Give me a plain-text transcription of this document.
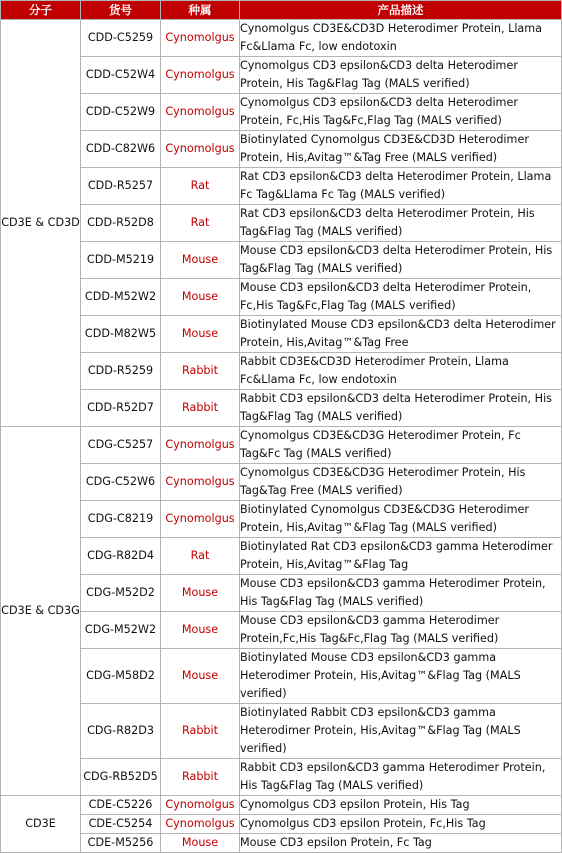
分子	货号	种属	产品描述
CD3E & CD3D	CDD-C5259	Cynomolgus	Cynomolgus CD3E&CD3D Heterodimer Protein, Llama Fc&Llama Fc, low endotoxin
	CDD-C52W4	Cynomolgus	Cynomolgus CD3 epsilon&CD3 delta Heterodimer Protein, His Tag&Flag Tag (MALS verified)
	CDD-C52W9	Cynomolgus	Cynomolgus CD3 epsilon&CD3 delta Heterodimer Protein, Fc,His Tag&Fc,Flag Tag (MALS verified)
	CDD-C82W6	Cynomolgus	Biotinylated Cynomolgus CD3E&CD3D Heterodimer Protein, His,Avitag™&Tag Free (MALS verified)
	CDD-R5257	Rat	Rat CD3 epsilon&CD3 delta Heterodimer Protein, Llama Fc Tag&Llama Fc Tag (MALS verified)
	CDD-R52D8	Rat	Rat CD3 epsilon&CD3 delta Heterodimer Protein, His Tag&Flag Tag (MALS verified)
	CDD-M5219	Mouse	Mouse CD3 epsilon&CD3 delta Heterodimer Protein, His Tag&Flag Tag (MALS verified)
	CDD-M52W2	Mouse	Mouse CD3 epsilon&CD3 delta Heterodimer Protein, Fc,His Tag&Fc,Flag Tag (MALS verified)
	CDD-M82W5	Mouse	Biotinylated Mouse CD3 epsilon&CD3 delta Heterodimer Protein, His,Avitag™&Tag Free
	CDD-R5259	Rabbit	Rabbit CD3E&CD3D Heterodimer Protein, Llama Fc&Llama Fc, low endotoxin
	CDD-R52D7	Rabbit	Rabbit CD3 epsilon&CD3 delta Heterodimer Protein, His Tag&Flag Tag (MALS verified)
CD3E & CD3G	CDG-C5257	Cynomolgus	Cynomolgus CD3E&CD3G Heterodimer Protein, Fc Tag&Fc Tag (MALS verified)
	CDG-C52W6	Cynomolgus	Cynomolgus CD3E&CD3G Heterodimer Protein, His Tag&Tag Free (MALS verified)
	CDG-C8219	Cynomolgus	Biotinylated Cynomolgus CD3E&CD3G Heterodimer Protein, His,Avitag™&Flag Tag (MALS verified)
	CDG-R82D4	Rat	Biotinylated Rat CD3 epsilon&CD3 gamma Heterodimer Protein, His,Avitag™&Flag Tag
	CDG-M52D2	Mouse	Mouse CD3 epsilon&CD3 gamma Heterodimer Protein, His Tag&Flag Tag (MALS verified)
	CDG-M52W2	Mouse	Mouse CD3 epsilon&CD3 gamma Heterodimer Protein,Fc,His Tag&Fc,Flag Tag (MALS verified)
	CDG-M58D2	Mouse	Biotinylated Mouse CD3 epsilon&CD3 gamma Heterodimer Protein, His,Avitag™&Flag Tag (MALS verified)
	CDG-R82D3	Rabbit	Biotinylated Rabbit CD3 epsilon&CD3 gamma Heterodimer Protein, His,Avitag™&Flag Tag (MALS verified)
	CDG-RB52D5	Rabbit	Rabbit CD3 epsilon&CD3 gamma Heterodimer Protein, His Tag&Flag Tag (MALS verified)
CD3E	CDE-C5226	Cynomolgus	Cynomolgus CD3 epsilon Protein, His Tag
	CDE-C5254	Cynomolgus	Cynomolgus CD3 epsilon Protein, Fc,His Tag
	CDE-M5256	Mouse	Mouse CD3 epsilon Protein, Fc Tag
